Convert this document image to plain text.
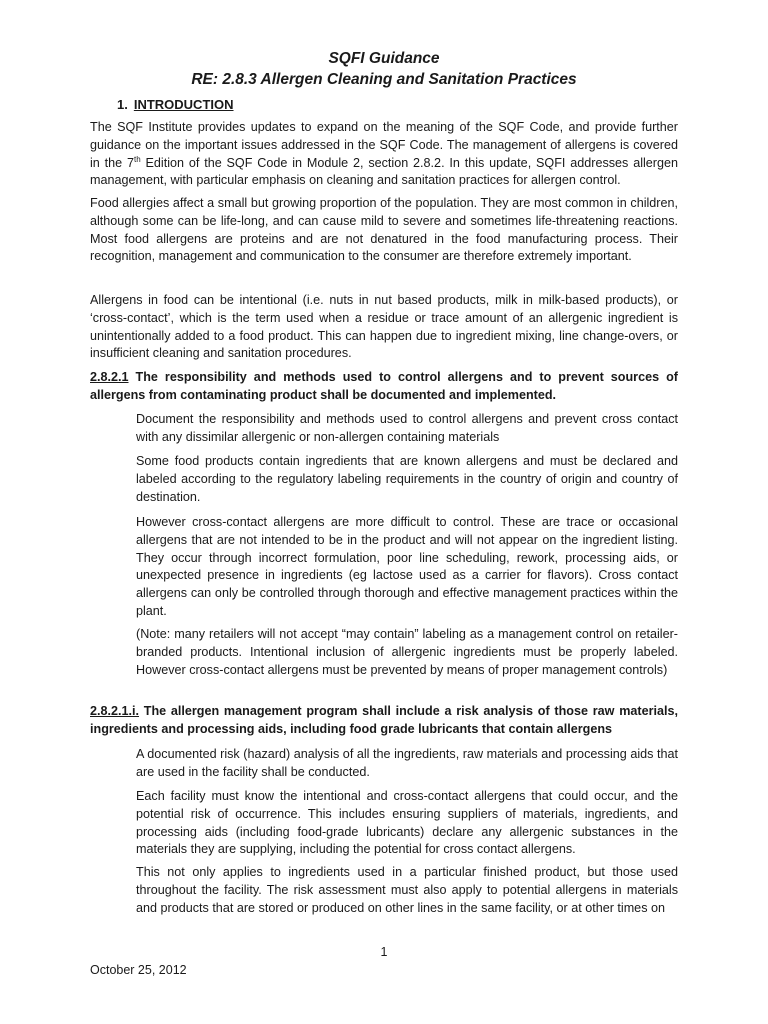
SQFI Guidance
RE: 2.8.3 Allergen Cleaning and Sanitation Practices
1. INTRODUCTION
The SQF Institute provides updates to expand on the meaning of the SQF Code, and provide further guidance on the important issues addressed in the SQF Code. The management of allergens is covered in the 7th Edition of the SQF Code in Module 2, section 2.8.2. In this update, SQFI addresses allergen management, with particular emphasis on cleaning and sanitation practices for allergen control.
Food allergies affect a small but growing proportion of the population. They are most common in children, although some can be life-long, and can cause mild to severe and sometimes life-threatening reactions. Most food allergens are proteins and are not denatured in the food manufacturing process. Their recognition, management and communication to the consumer are therefore extremely important.
Allergens in food can be intentional (i.e. nuts in nut based products, milk in milk-based products), or ‘cross-contact’, which is the term used when a residue or trace amount of an allergenic ingredient is unintentionally added to a food product. This can happen due to ingredient mixing, line change-overs, or insufficient cleaning and sanitation procedures.
2.8.2.1 The responsibility and methods used to control allergens and to prevent sources of allergens from contaminating product shall be documented and implemented.
Document the responsibility and methods used to control allergens and prevent cross contact with any dissimilar allergenic or non-allergen containing materials
Some food products contain ingredients that are known allergens and must be declared and labeled according to the regulatory labeling requirements in the country of origin and country of destination.
However cross-contact allergens are more difficult to control. These are trace or occasional allergens that are not intended to be in the product and will not appear on the ingredient listing. They occur through incorrect formulation, poor line scheduling, rework, processing aids, or unexpected presence in ingredients (eg lactose used as a carrier for flavors). Cross contact allergens can only be controlled through thorough and effective management practices within the plant.
(Note: many retailers will not accept “may contain” labeling as a management control on retailer-branded products. Intentional inclusion of allergenic ingredients must be properly labeled. However cross-contact allergens must be prevented by means of proper management controls)
2.8.2.1.i. The allergen management program shall include a risk analysis of those raw materials, ingredients and processing aids, including food grade lubricants that contain allergens
A documented risk (hazard) analysis of all the ingredients, raw materials and processing aids that are used in the facility shall be conducted.
Each facility must know the intentional and cross-contact allergens that could occur, and the potential risk of occurrence. This includes ensuring suppliers of materials, ingredients, and processing aids (including food-grade lubricants) declare any allergenic substances in the materials they are supplying, including the potential for cross contact allergens.
This not only applies to ingredients used in a particular finished product, but those used throughout the facility. The risk assessment must also apply to potential allergens in materials and products that are stored or produced on other lines in the same facility, or at other times on
1
October 25, 2012
